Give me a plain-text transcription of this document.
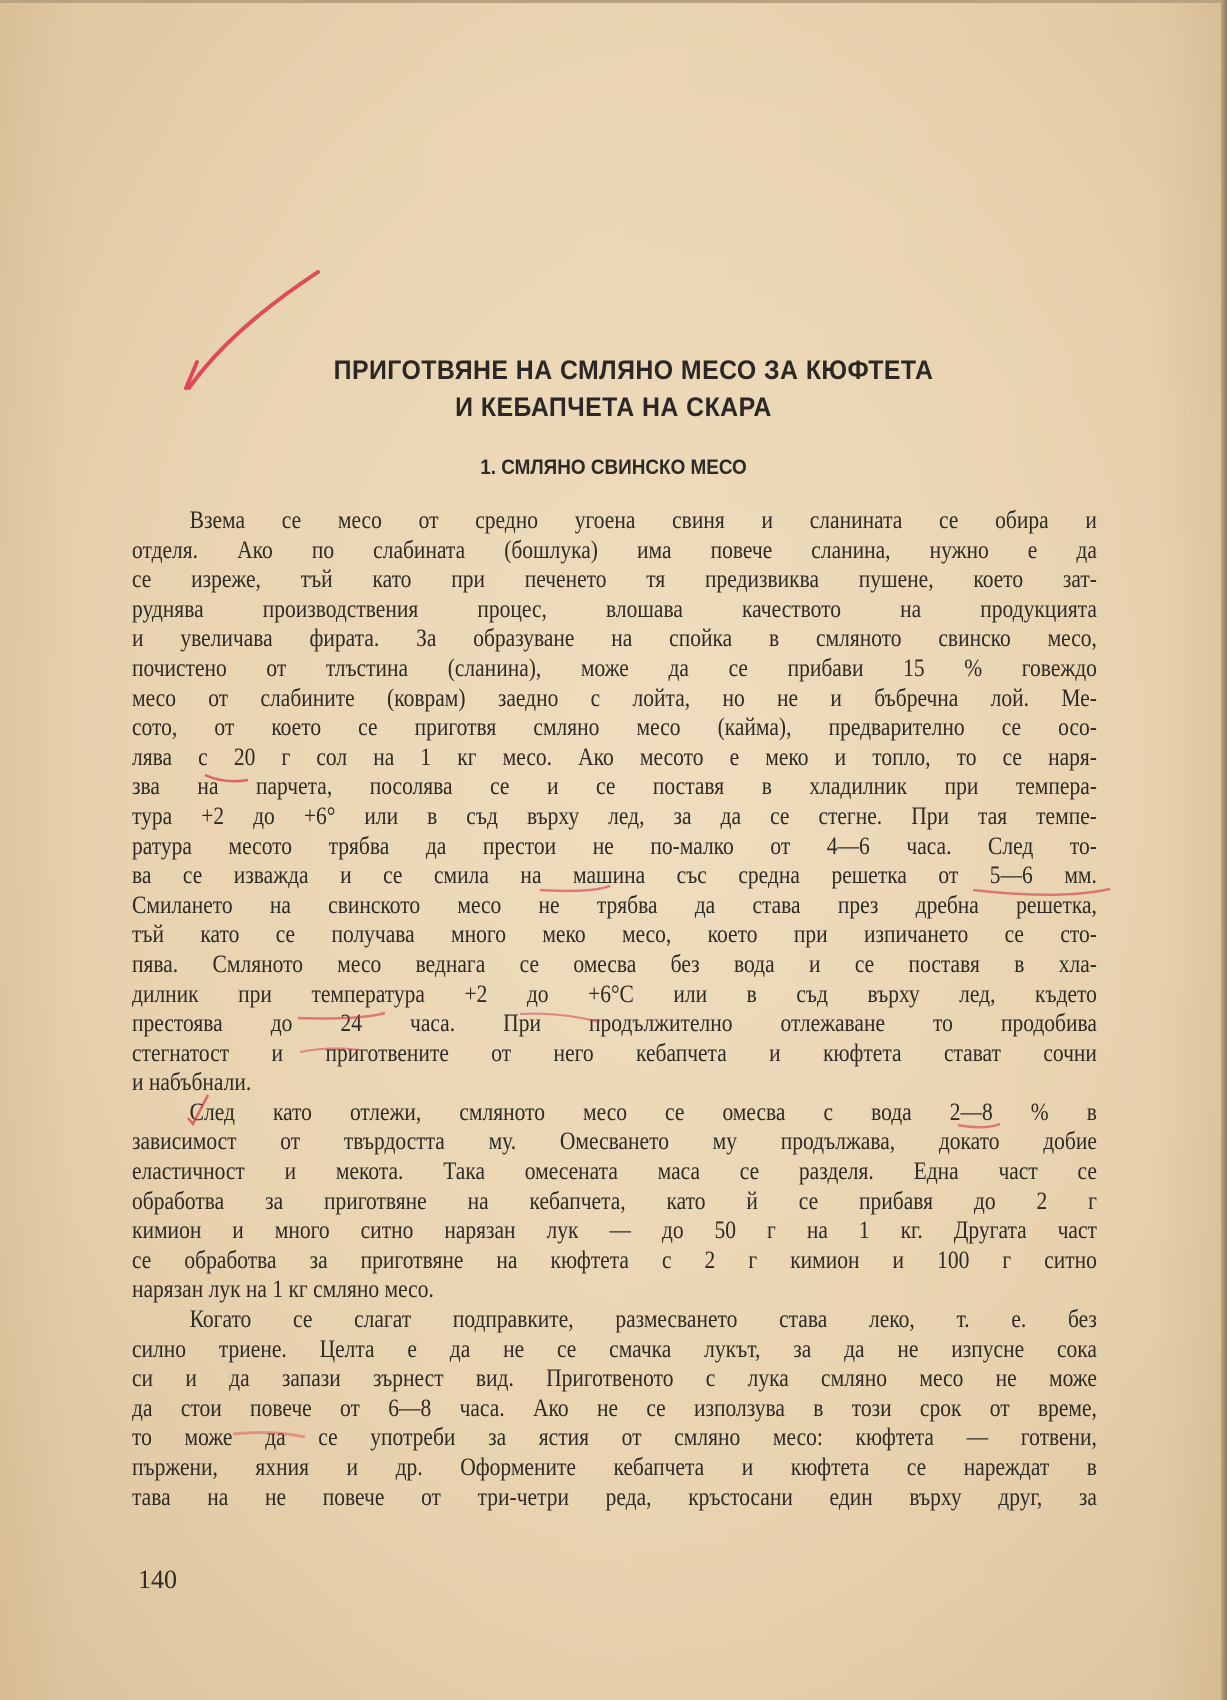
ПРИГОТВЯНЕ НА СМЛЯНО МЕСО ЗА КЮФТЕТА
И КЕБАПЧЕТА НА СКАРА
1. СМЛЯНО СВИНСКО МЕСО
Взема се месо от средно угоена свиня и сланината се обира и
отделя. Ако по слабината (бошлука) има повече сланина, нужно е да
се изреже, тъй като при печенето тя предизвиква пушене, което зат-
руднява производствения процес, влошава качеството на продукцията
и увеличава фирата. За образуване на спойка в смляното свинско месо,
почистено от тлъстина (сланина), може да се прибави 15 % говеждо
месо от слабините (коврам) заедно с лойта, но не и бъбречна лой. Ме-
сото, от което се приготвя смляно месо (кайма), предварително се осо-
лява с 20 г сол на 1 кг месо. Ако месото е меко и топло, то се наря-
зва на парчета, посолява се и се поставя в хладилник при темпера-
тура +2 до +6° или в съд върху лед, за да се стегне. При тая темпе-
ратура месото трябва да престои не по-малко от 4—6 часа. След то-
ва се изважда и се смила на машина със средна решетка от 5—6 мм.
Смилането на свинското месо не трябва да става през дребна решетка,
тъй като се получава много меко месо, което при изпичането се сто-
пява. Смляното месо веднага се омесва без вода и се поставя в хла-
дилник при температура +2 до +6°C или в съд върху лед, където
престоява до 24 часа. При продължително отлежаване то продобива
стегнатост и приготвените от него кебапчета и кюфтета стават сочни
и набъбнали.
След като отлежи, смляното месо се омесва с вода 2—8 % в
зависимост от твърдостта му. Омесването му продължава, докато добие
еластичност и мекота. Така омесената маса се разделя. Една част се
обработва за приготвяне на кебапчета, като й се прибавя до 2 г
кимион и много ситно нарязан лук — до 50 г на 1 кг. Другата част
се обработва за приготвяне на кюфтета с 2 г кимион и 100 г ситно
нарязан лук на 1 кг смляно месо.
Когато се слагат подправките, размесването става леко, т. е. без
силно триене. Целта е да не се смачка лукът, за да не изпусне сока
си и да запази зърнест вид. Приготвеното с лука смляно месо не може
да стои повече от 6—8 часа. Ако не се използува в този срок от време,
то може да се употреби за ястия от смляно месо: кюфтета — готвени,
пържени, яхния и др. Оформените кебапчета и кюфтета се нареждат в
тава на не повече от три-четри реда, кръстосани един върху друг, за
140
